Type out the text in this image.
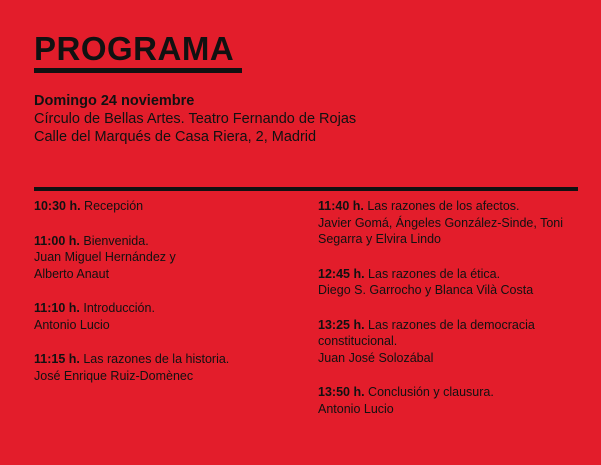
PROGRAMA
Domingo 24 noviembre
Círculo de Bellas Artes. Teatro Fernando de Rojas
Calle del Marqués de Casa Riera, 2, Madrid
10:30 h. Recepción
11:00 h. Bienvenida.
Juan Miguel Hernández y Alberto Anaut
11:10 h. Introducción.
Antonio Lucio
11:15 h. Las razones de la historia.
José Enrique Ruiz-Domènec
11:40 h. Las razones de los afectos.
Javier Gomá, Ángeles González-Sinde, Toni Segarra y Elvira Lindo
12:45 h. Las razones de la ética.
Diego S. Garrocho y Blanca Vilà Costa
13:25 h. Las razones de la democracia constitucional.
Juan José Solozábal
13:50 h. Conclusión y clausura.
Antonio Lucio
